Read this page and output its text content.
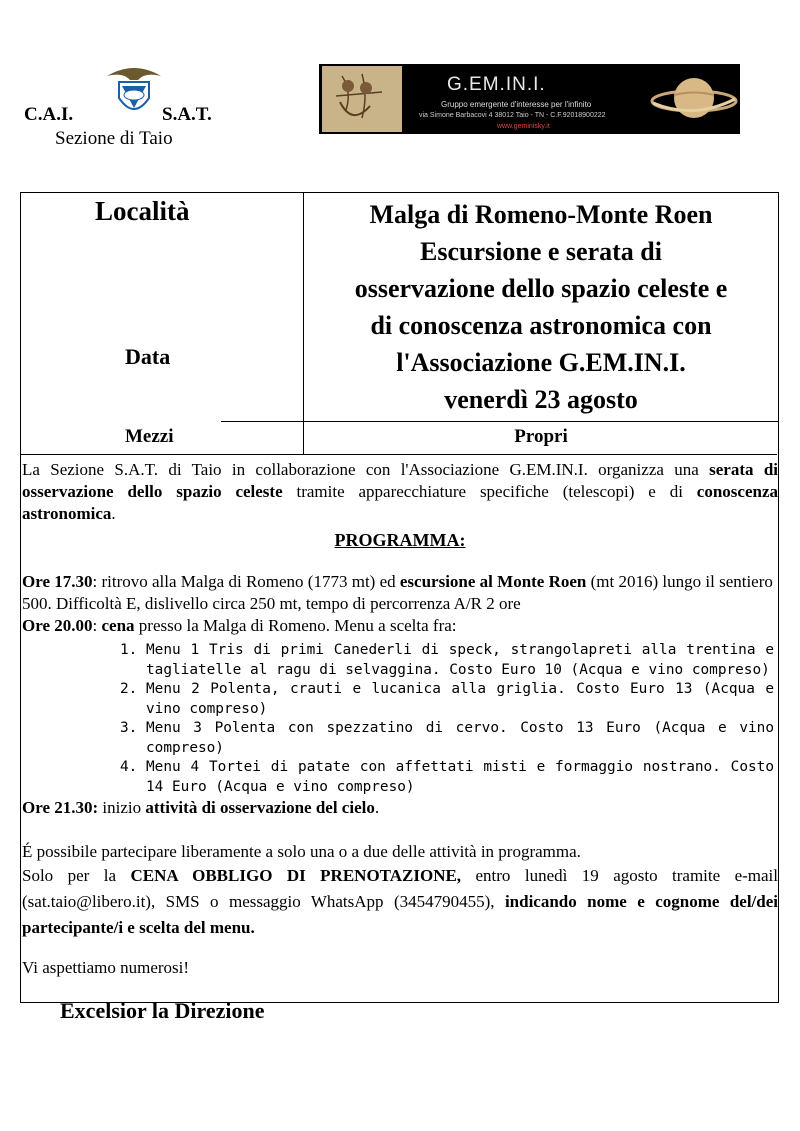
C.A.I.	S.A.T.
Sezione di Taio
G.EM.IN.I.
Gruppo emergente d'interesse per l'infinito
via Simone Barbacovi 4 38012 Taio - TN - C.F.92018900222
www.geminisky.it
Località
Data
Mezzi
Malga di Romeno-Monte Roen
Escursione e serata di
osservazione dello spazio celeste e
di conoscenza astronomica con
l'Associazione G.EM.IN.I.
venerdì 23 agosto
Propri
La Sezione S.A.T. di Taio in collaborazione con l'Associazione G.EM.IN.I. organizza una serata di osservazione dello spazio celeste tramite apparecchiature specifiche (telescopi) e di conoscenza astronomica.
PROGRAMMA:
Ore 17.30: ritrovo alla Malga di Romeno (1773 mt) ed escursione al Monte Roen (mt 2016) lungo il sentiero 500. Difficoltà E, dislivello circa 250 mt, tempo di percorrenza A/R 2 ore
Ore 20.00: cena presso la Malga di Romeno. Menu a scelta fra:
1. Menu 1 Tris di primi Canederli di speck, strangolapreti alla trentina e tagliatelle al ragu di selvaggina. Costo Euro 10 (Acqua e vino compreso)
2. Menu 2 Polenta, crauti e lucanica alla griglia. Costo Euro 13 (Acqua e vino compreso)
3. Menu 3 Polenta con spezzatino di cervo. Costo 13 Euro (Acqua e vino compreso)
4. Menu 4 Tortei di patate con affettati misti e formaggio nostrano. Costo 14 Euro (Acqua e vino compreso)
Ore 21.30: inizio attività di osservazione del cielo.
É possibile partecipare liberamente a solo una o a due delle attività in programma.
Solo per la CENA OBBLIGO DI PRENOTAZIONE, entro lunedì 19 agosto tramite e-mail (sat.taio@libero.it), SMS o messaggio WhatsApp (3454790455), indicando nome e cognome del/dei partecipante/i e scelta del menu.
Vi aspettiamo numerosi!
Excelsior la Direzione
